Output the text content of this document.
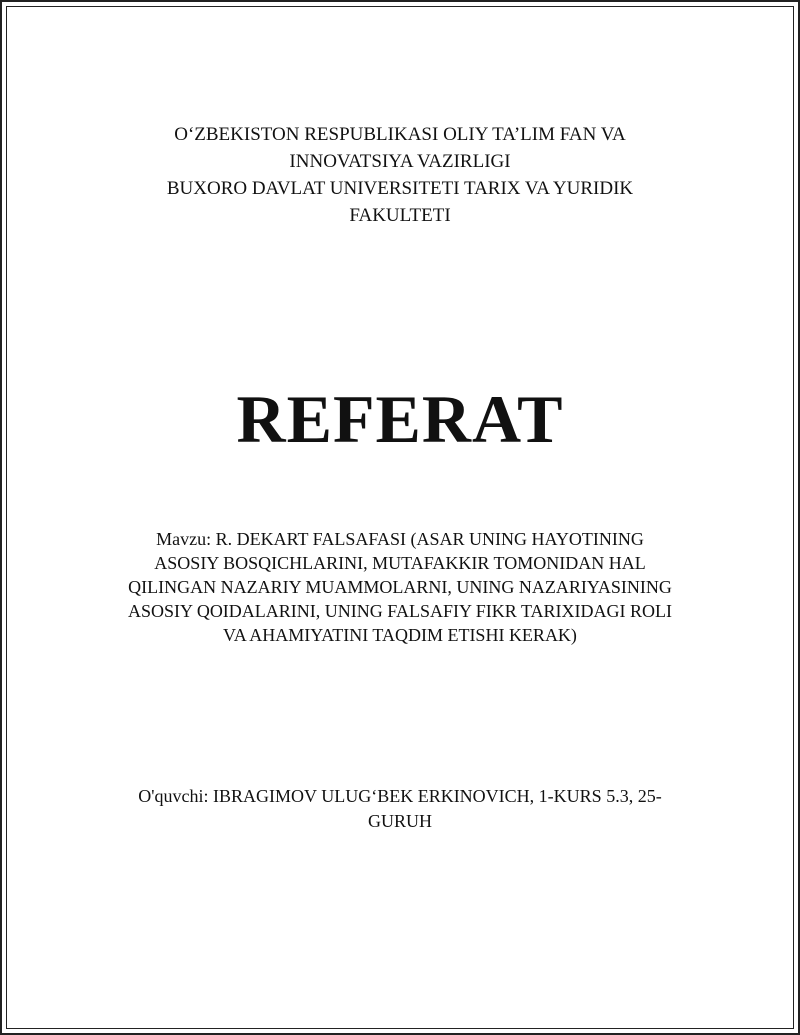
O‘ZBEKISTON RESPUBLIKASI OLIY TA’LIM FAN VA
INNOVATSIYA VAZIRLIGI
BUXORO DAVLAT UNIVERSITETI TARIX VA YURIDIK
FAKULTETI
REFERAT
Mavzu: R. DEKART FALSAFASI (ASAR UNING HAYOTINING
ASOSIY BOSQICHLARINI, MUTAFAKKIR TOMONIDAN HAL
QILINGAN NAZARIY MUAMMOLARNI, UNING NAZARIYASINING
ASOSIY QOIDALARINI, UNING FALSAFIY FIKR TARIXIDAGI ROLI
VA AHAMIYATINI TAQDIM ETISHI KERAK)
O'quvchi: IBRAGIMOV ULUG‘BEK ERKINOVICH, 1-KURS 5.3, 25-
GURUH
